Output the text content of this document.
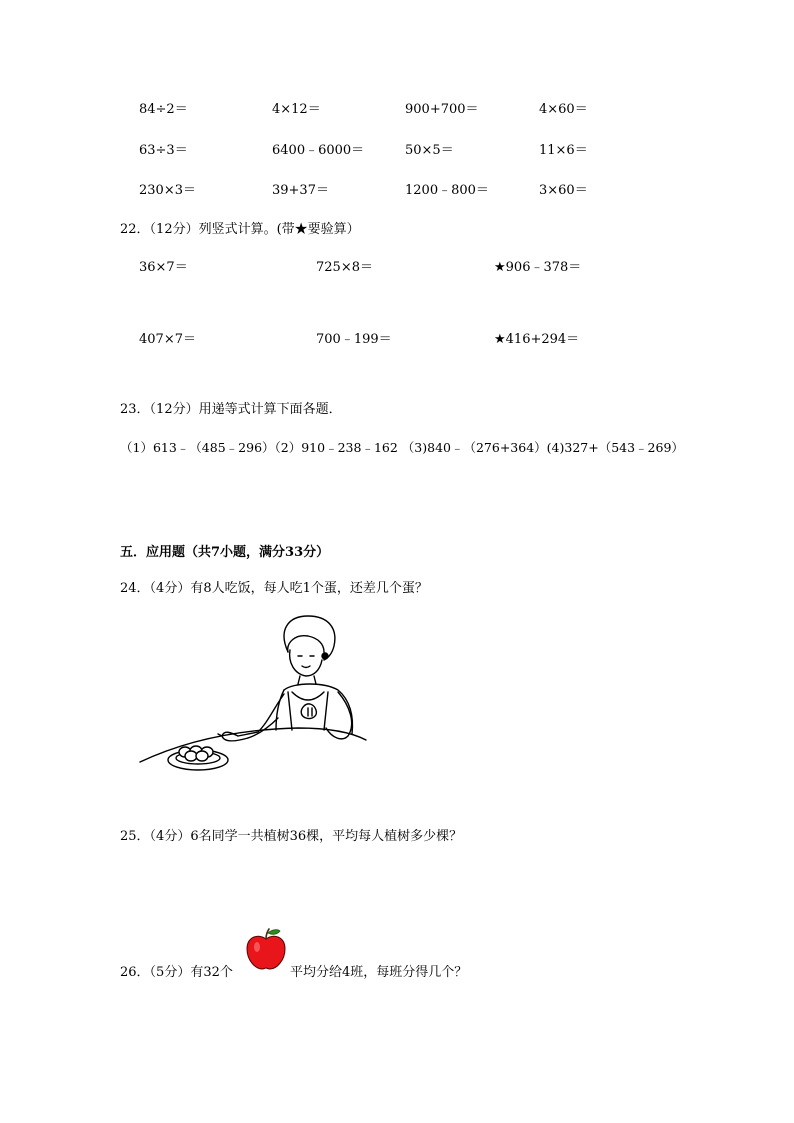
84÷2＝	4×12＝	900+700＝	4×60＝
63÷3＝	6400﹣6000＝	50×5＝	11×6＝
230×3＝	39+37＝	1200﹣800＝	3×60＝
22．（12分）列竖式计算。(带★要验算）
36×7＝	725×8＝	★906﹣378＝
407×7＝	700﹣199＝	★416+294＝
23．（12分）用递等式计算下面各题．
（1）613﹣（485﹣296）（2）910﹣238﹣162 （3)840﹣（276+364）(4)327+（543﹣269）
五．应用题（共7小题，满分33分）
24．（4分）有8人吃饭，每人吃1个蛋，还差几个蛋？
25．（4分）6名同学一共植树36棵，平均每人植树多少棵？
26．（5分）有32个	平均分给4班，每班分得几个？
